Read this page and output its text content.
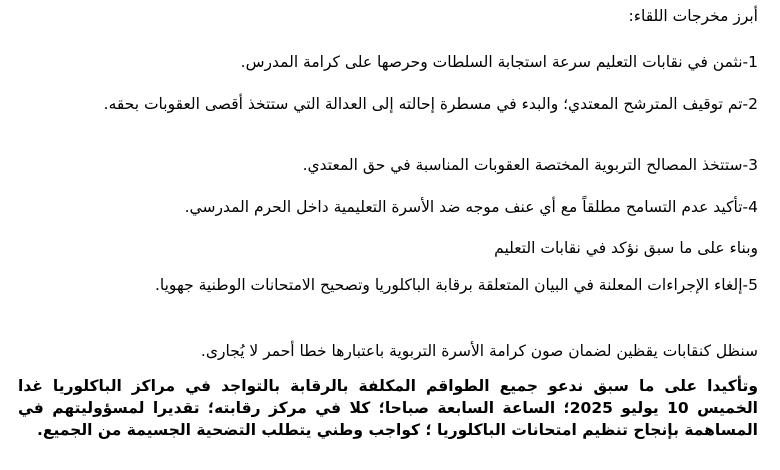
أبرز مخرجات اللقاء:

1-نثمن في نقابات التعليم سرعة استجابة السلطات وحرصها على كرامة المدرس.

2-تم توقيف المترشح المعتدي؛ والبدء في مسطرة إحالته إلى العدالة التي ستتخذ أقصى العقوبات بحقه.

3-ستتخذ المصالح التربوية المختصة العقوبات المناسبة في حق المعتدي.

4-تأكيد عدم التسامح مطلقاً مع أي عنف موجه ضد الأسرة التعليمية داخل الحرم المدرسي.

وبناء على ما سبق نؤكد في نقابات التعليم

5-إلغاء الإجراءات المعلنة في البيان المتعلقة برقابة الباكلوريا وتصحيح الامتحانات الوطنية جهويا.

سنظل كنقابات يقظين لضمان صون كرامة الأسرة التربوية باعتبارها خطا أحمر لا يُجارى.

وتأكيدا على ما سبق ندعو جميع الطواقم المكلفة بالرقابة بالتواجد في مراكز الباكلوريا غدا الخميس 10 يوليو 2025؛ الساعة السابعة صباحا؛ كلا في مركز رقابته؛ تقديرا لمسؤوليتهم في المساهمة بإنجاح تنظيم امتحانات الباكلوريا ؛ كواجب وطني يتطلب التضحية الجسيمة من الجميع.
